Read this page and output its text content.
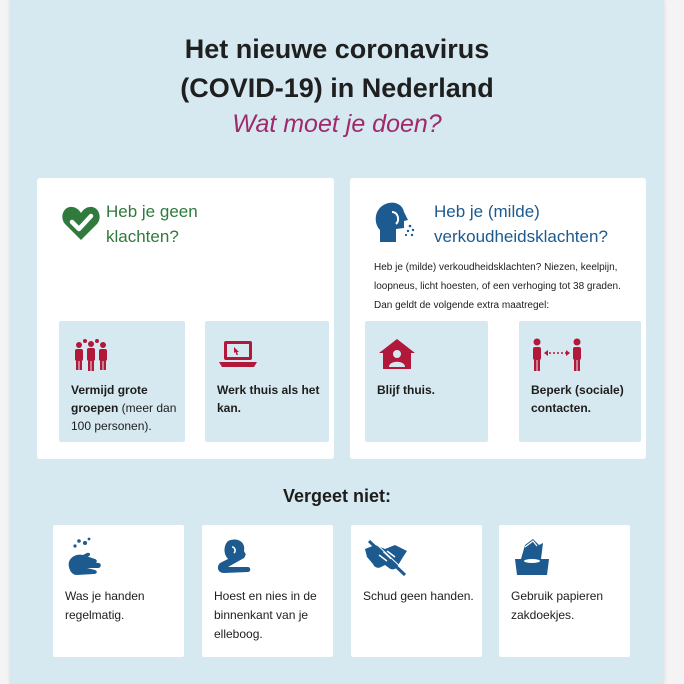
Het nieuwe coronavirus
(COVID-19) in Nederland
Wat moet je doen?
Heb je geen
klachten?
Vermijd grote groepen (meer dan 100 personen).
Werk thuis als het kan.
Heb je (milde)
verkoudheidsklachten?
Heb je (milde) verkoudheidsklachten? Niezen, keelpijn, loopneus, licht hoesten, of een verhoging tot 38 graden. Dan geldt de volgende extra maatregel:
Blijf thuis.	Beperk (sociale) contacten.
Vergeet niet:
Was je handen regelmatig.
Hoest en nies in de binnenkant van je elleboog.
Schud geen handen.	Gebruik papieren zakdoekjes.
